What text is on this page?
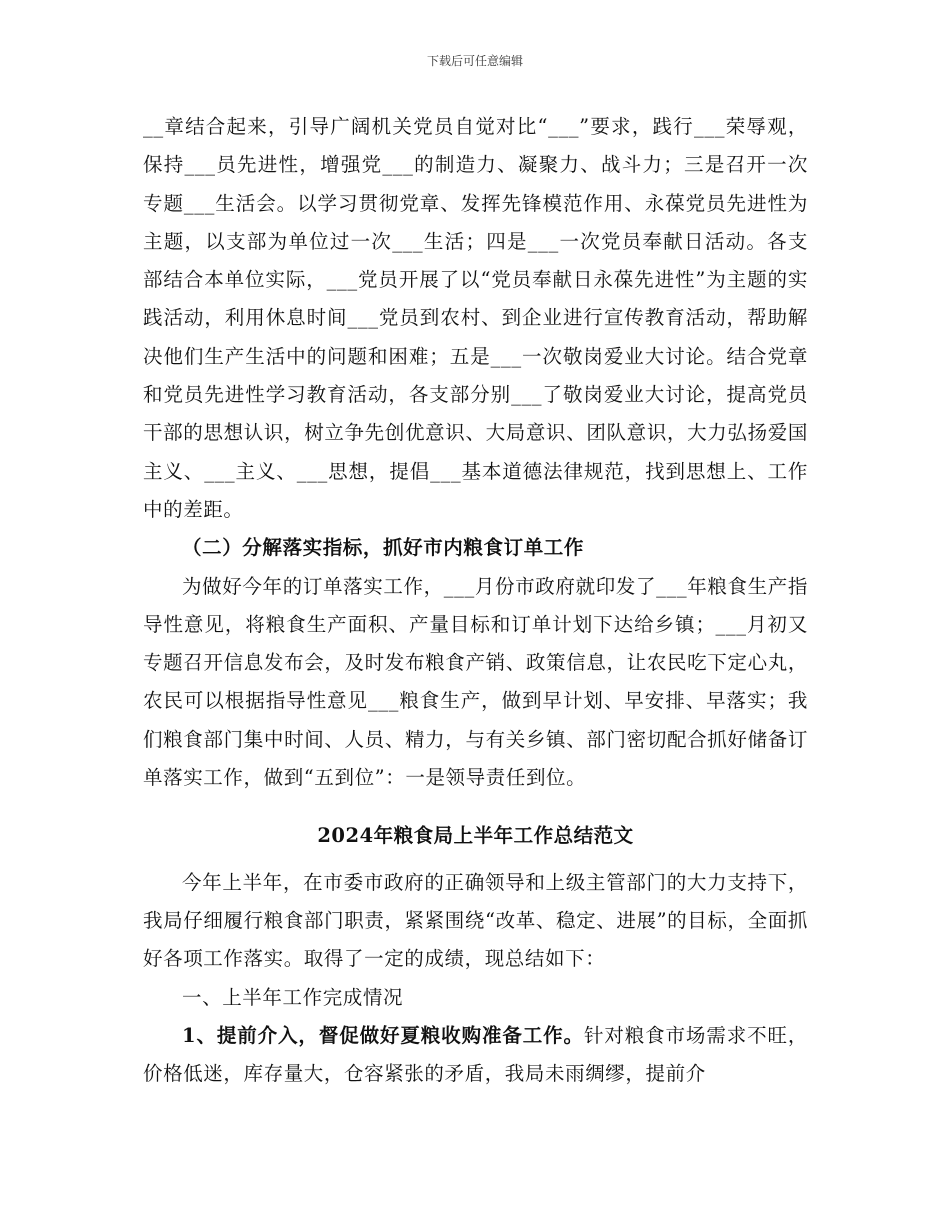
下载后可任意编辑

__章结合起来，引导广阔机关党员自觉对比“___”要求，践行___荣辱观，保持___员先进性，增强党___的制造力、凝聚力、战斗力；三是召开一次专题___生活会。以学习贯彻党章、发挥先锋模范作用、永葆党员先进性为主题，以支部为单位过一次___生活；四是___一次党员奉献日活动。各支部结合本单位实际，___党员开展了以“党员奉献日永葆先进性”为主题的实践活动，利用休息时间___党员到农村、到企业进行宣传教育活动，帮助解决他们生产生活中的问题和困难；五是___一次敬岗爱业大讨论。结合党章和党员先进性学习教育活动，各支部分别___了敬岗爱业大讨论，提高党员干部的思想认识，树立争先创优意识、大局意识、团队意识，大力弘扬爱国主义、___主义、___思想，提倡___基本道德法律规范，找到思想上、工作中的差距。

（二）分解落实指标，抓好市内粮食订单工作

为做好今年的订单落实工作，___月份市政府就印发了___年粮食生产指导性意见，将粮食生产面积、产量目标和订单计划下达给乡镇；___月初又专题召开信息发布会，及时发布粮食产销、政策信息，让农民吃下定心丸，农民可以根据指导性意见___粮食生产，做到早计划、早安排、早落实；我们粮食部门集中时间、人员、精力，与有关乡镇、部门密切配合抓好储备订单落实工作，做到“五到位”：一是领导责任到位。

2024年粮食局上半年工作总结范文

今年上半年，在市委市政府的正确领导和上级主管部门的大力支持下，我局仔细履行粮食部门职责，紧紧围绕“改革、稳定、进展”的目标，全面抓好各项工作落实。取得了一定的成绩，现总结如下：

一、上半年工作完成情况

1、提前介入，督促做好夏粮收购准备工作。针对粮食市场需求不旺，价格低迷，库存量大，仓容紧张的矛盾，我局未雨绸缪，提前介
